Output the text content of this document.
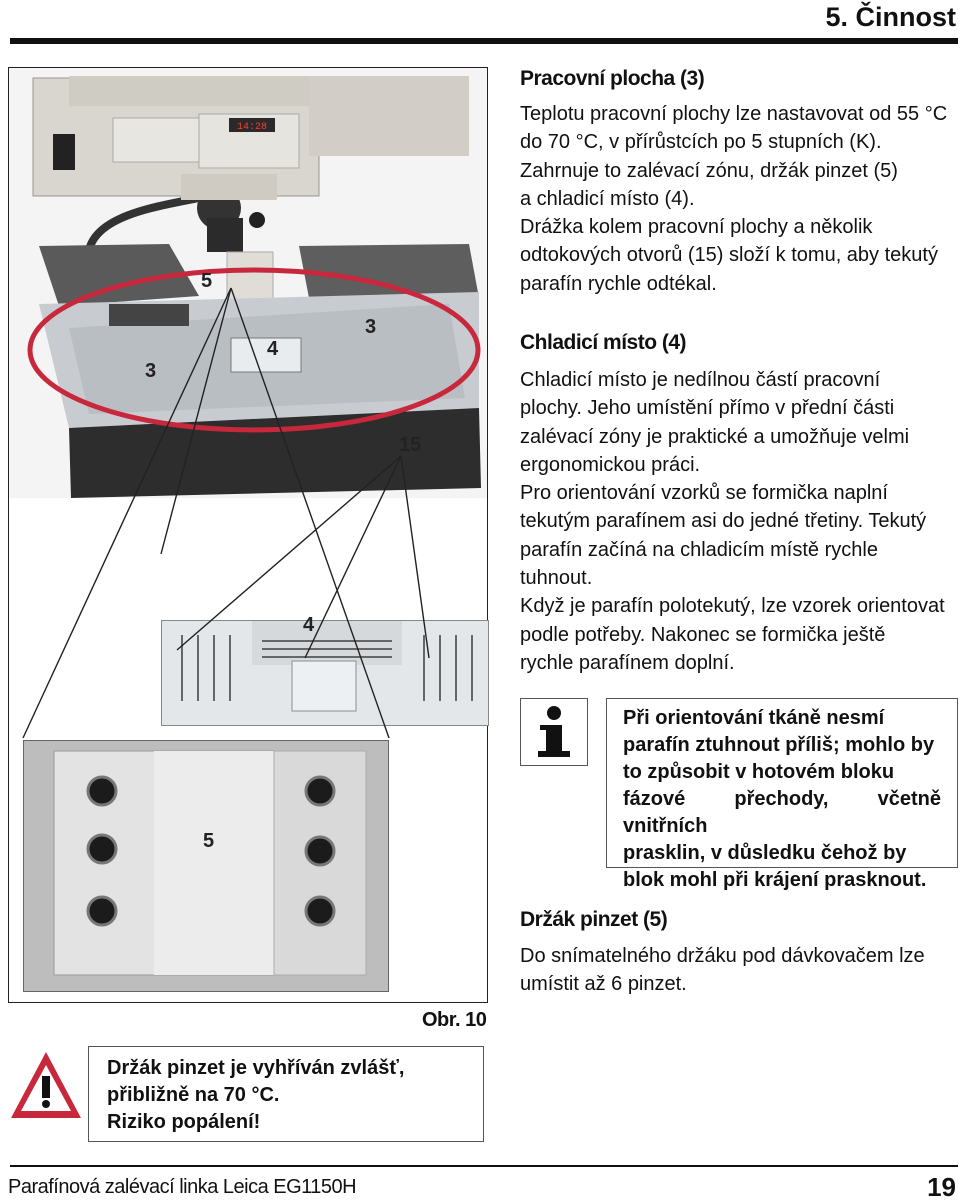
5. Činnost
14:28
5
3
4
3
15
4
5
Obr. 10
Pracovní plocha (3)
Teplotu pracovní plochy lze nastavovat od 55 °C
do 70 °C, v přírůstcích po 5 stupních (K).
Zahrnuje to zalévací zónu, držák pinzet (5)
a chladicí místo (4).
Drážka kolem pracovní plochy a několik
odtokových otvorů (15) složí k tomu, aby tekutý
parafín rychle odtékal.
Chladicí místo (4)
Chladicí místo je nedílnou částí pracovní
plochy. Jeho umístění přímo v přední části
zalévací zóny je praktické a umožňuje velmi
ergonomickou práci.
Pro orientování vzorků se formička naplní
tekutým parafínem asi do jedné třetiny. Tekutý
parafín začíná na chladicím místě rychle
tuhnout.
Když je parafín polotekutý, lze vzorek orientovat
podle potřeby. Nakonec se formička ještě
rychle parafínem doplní.
Při orientování tkáně nesmí
parafín ztuhnout příliš; mohlo by
to způsobit v hotovém bloku
fázové přechody, včetně vnitřních
prasklin, v důsledku čehož by
blok mohl při krájení prasknout.
Držák pinzet (5)
Do snímatelného držáku pod dávkovačem lze
umístit až 6 pinzet.
Držák pinzet je vyhříván zvlášť,
přibližně na 70 °C.
Riziko popálení!
Parafínová zalévací linka Leica EG1150H	19
